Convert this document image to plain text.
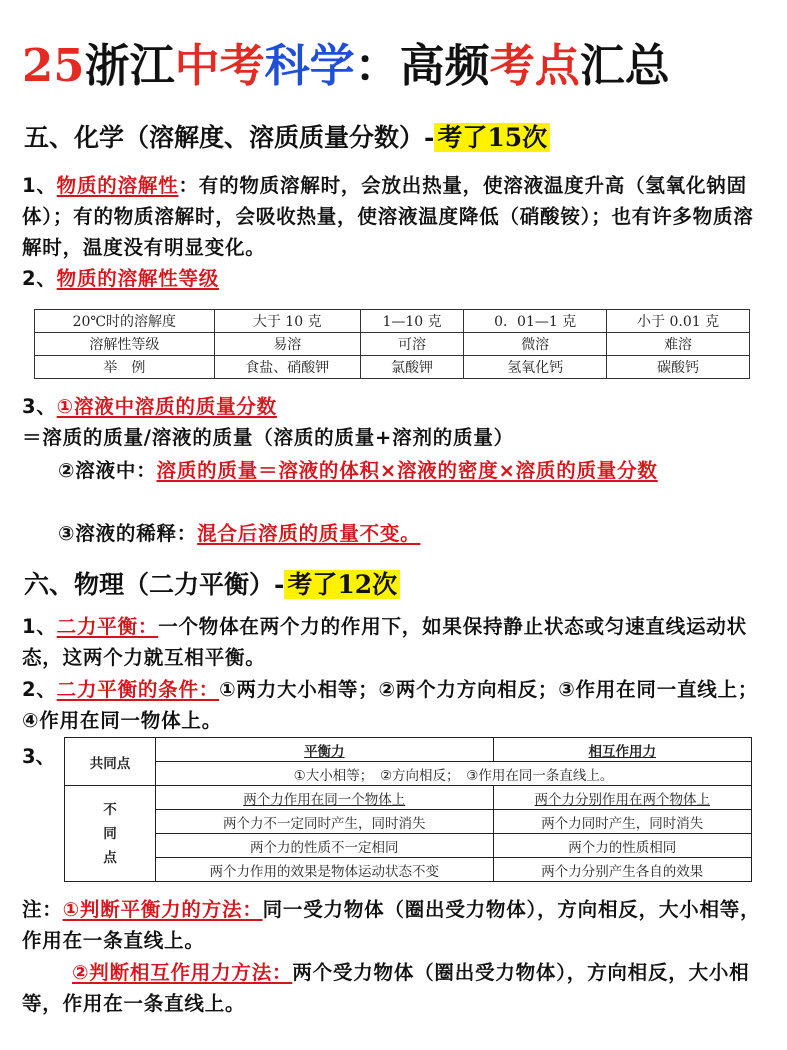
25浙江中考科学：高频考点汇总
五、化学（溶解度、溶质质量分数）- 考了15次
1、物质的溶解性：有的物质溶解时，会放出热量，使溶液温度升高（氢氧化钠固体）；有的物质溶解时，会吸收热量，使溶液温度降低（硝酸铵）；也有许多物质溶解时，温度没有明显变化。
2、物质的溶解性等级
20℃时的溶解度	大于 10 克	1—10 克	0．01—1 克	小于 0.01 克
溶解性等级	易溶	可溶	微溶	难溶
举　例	食盐、硝酸钾	氯酸钾	氢氧化钙	碳酸钙
3、①溶液中溶质的质量分数＝溶质的质量/溶液的质量（溶质的质量+溶剂的质量）
②溶液中：溶质的质量＝溶液的体积×溶液的密度×溶质的质量分数
③溶液的稀释：混合后溶质的质量不变。
六、物理（二力平衡）- 考了12次
1、二力平衡：一个物体在两个力的作用下，如果保持静止状态或匀速直线运动状态，这两个力就互相平衡。
2、二力平衡的条件：①两力大小相等；②两个力方向相反；③作用在同一直线上；④作用在同一物体上。
3、	共同点	平衡力	相互作用力
	①大小相等；　②方向相反；　③作用在同一条直线上。	

不
同
点	两个力作用在同一个物体上	两个力分别作用在两个物体上
	两个力不一定同时产生，同时消失	两个力同时产生，同时消失
	两个力的性质不一定相同	两个力的性质相同
	两个力作用的效果是物体运动状态不变	两个力分别产生各自的效果
注：①判断平衡力的方法：同一受力物体（圈出受力物体），方向相反，大小相等，作用在一条直线上。
②判断相互作用力方法：两个受力物体（圈出受力物体），方向相反，大小相等，作用在一条直线上。
